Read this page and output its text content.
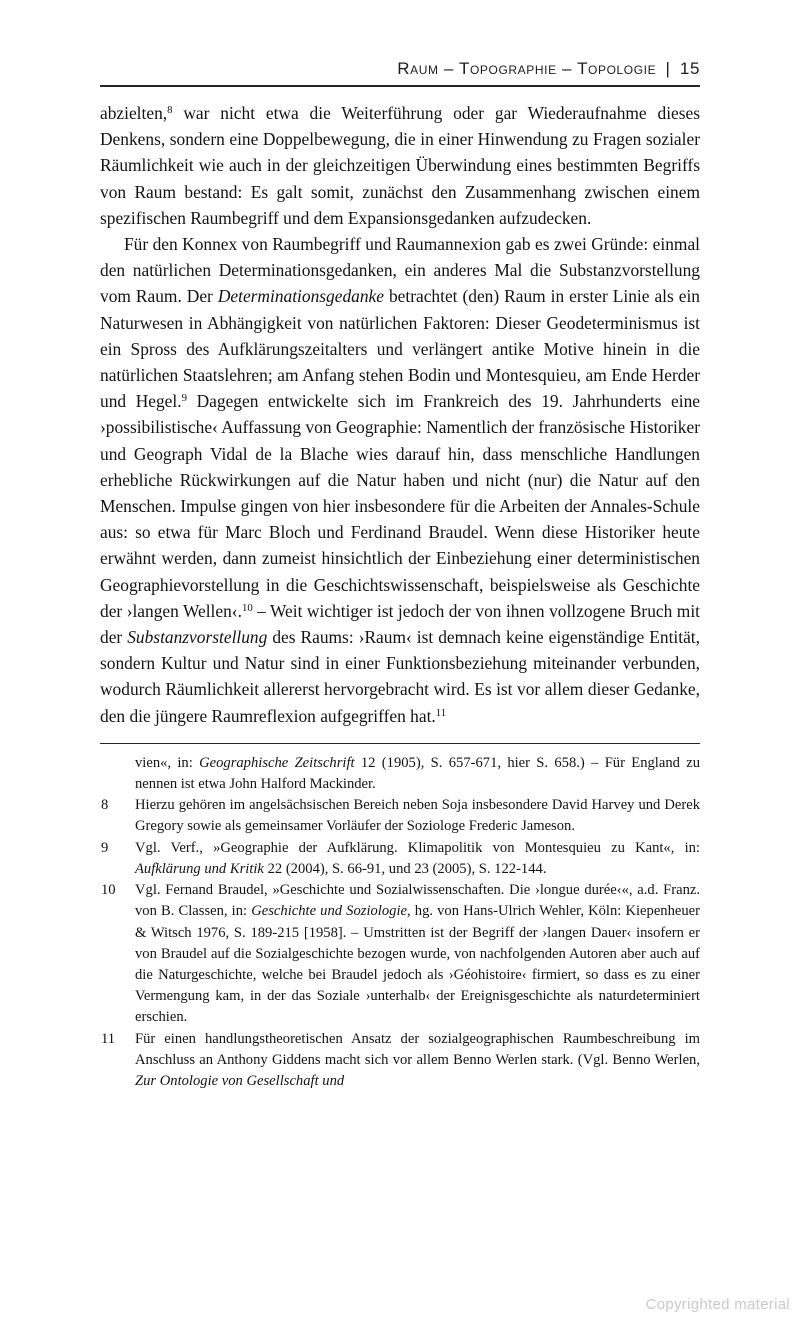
Raum – Topographie – Topologie | 15

abzielten,$^8$ war nicht etwa die Weiterführung oder gar Wiederaufnahme dieses Denkens, sondern eine Doppelbewegung, die in einer Hinwendung zu Fragen sozialer Räumlichkeit wie auch in der gleichzeitigen Überwindung eines bestimmten Begriffs von Raum bestand: Es galt somit, zunächst den Zusammenhang zwischen einem spezifischen Raumbegriff und dem Expansionsgedanken aufzudecken.

Für den Konnex von Raumbegriff und Raumannexion gab es zwei Gründe: einmal den natürlichen Determinationsgedanken, ein anderes Mal die Substanzvorstellung vom Raum. Der Determinationsgedanke betrachtet (den) Raum in erster Linie als ein Naturwesen in Abhängigkeit von natürlichen Faktoren: Dieser Geodeterminismus ist ein Spross des Aufklärungszeitalters und verlängert antike Motive hinein in die natürlichen Staatslehren; am Anfang stehen Bodin und Montesquieu, am Ende Herder und Hegel.$^9$ Dagegen entwickelte sich im Frankreich des 19. Jahrhunderts eine ›possibilistische‹ Auffassung von Geographie: Namentlich der französische Historiker und Geograph Vidal de la Blache wies darauf hin, dass menschliche Handlungen erhebliche Rückwirkungen auf die Natur haben und nicht (nur) die Natur auf den Menschen. Impulse gingen von hier insbesondere für die Arbeiten der Annales-Schule aus: so etwa für Marc Bloch und Ferdinand Braudel. Wenn diese Historiker heute erwähnt werden, dann zumeist hinsichtlich der Einbeziehung einer deterministischen Geographievorstellung in die Geschichtswissenschaft, beispielsweise als Geschichte der ›langen Wellen‹.$^{10}$ – Weit wichtiger ist jedoch der von ihnen vollzogene Bruch mit der Substanzvorstellung des Raums: ›Raum‹ ist demnach keine eigenständige Entität, sondern Kultur und Natur sind in einer Funktionsbeziehung miteinander verbunden, wodurch Räumlichkeit allererst hervorgebracht wird. Es ist vor allem dieser Gedanke, den die jüngere Raumreflexion aufgegriffen hat.$^{11}$

vien«, in: Geographische Zeitschrift 12 (1905), S. 657-671, hier S. 658.) – Für England zu nennen ist etwa John Halford Mackinder.
8 Hierzu gehören im angelsächsischen Bereich neben Soja insbesondere David Harvey und Derek Gregory sowie als gemeinsamer Vorläufer der Soziologe Frederic Jameson.
9 Vgl. Verf., »Geographie der Aufklärung. Klimapolitik von Montesquieu zu Kant«, in: Aufklärung und Kritik 22 (2004), S. 66-91, und 23 (2005), S. 122-144.
10 Vgl. Fernand Braudel, »Geschichte und Sozialwissenschaften. Die ›longue durée‹«, a.d. Franz. von B. Classen, in: Geschichte und Soziologie, hg. von Hans-Ulrich Wehler, Köln: Kiepenheuer & Witsch 1976, S. 189-215 [1958]. – Umstritten ist der Begriff der ›langen Dauer‹ insofern er von Braudel auf die Sozialgeschichte bezogen wurde, von nachfolgenden Autoren aber auch auf die Naturgeschichte, welche bei Braudel jedoch als ›Géohistoire‹ firmiert, so dass es zu einer Vermengung kam, in der das Soziale ›unterhalb‹ der Ereignisgeschichte als naturdeterminiert erschien.
11 Für einen handlungstheoretischen Ansatz der sozialgeographischen Raumbeschreibung im Anschluss an Anthony Giddens macht sich vor allem Benno Werlen stark. (Vgl. Benno Werlen, Zur Ontologie von Gesellschaft und
Copyrighted material
